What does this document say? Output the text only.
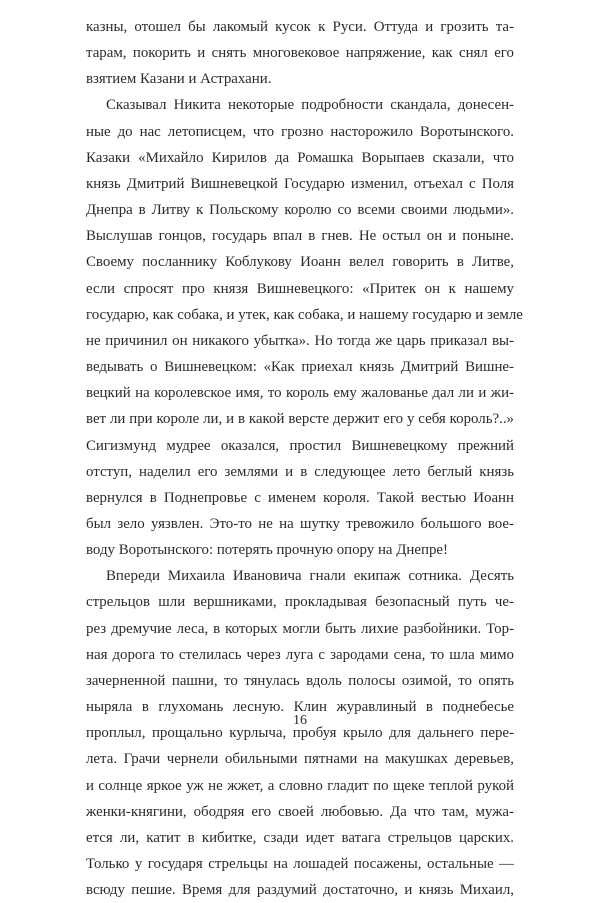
казны, отошел бы лакомый кусок к Руси. Оттуда и грозить та-
тарам, покорить и снять многовековое напряжение, как снял его
взятием Казани и Астрахани.
Сказывал Никита некоторые подробности скандала, донесен-
ные до нас летописцем, что грозно насторожило Воротынского.
Казаки «Михайло Кирилов да Ромашка Ворыпаев сказали, что
князь Дмитрий Вишневецкой Государю изменил, отъехал с Поля
Днепра в Литву к Польскому королю со всеми своими людьми».
Выслушав гонцов, государь впал в гнев. Не остыл он и поныне.
Своему посланнику Коблукову Иоанн велел говорить в Литве,
если спросят про князя Вишневецкого: «Притек он к нашему
государю, как собака, и утек, как собака, и нашему государю и земле
не причинил он никакого убытка». Но тогда же царь приказал вы-
ведывать о Вишневецком: «Как приехал князь Дмитрий Вишне-
вецкий на королевское имя, то король ему жалованье дал ли и жи-
вет ли при короле ли, и в какой версте держит его у себя король?..»
Сигизмунд мудрее оказался, простил Вишневецкому прежний
отступ, наделил его землями и в следующее лето беглый князь
вернулся в Поднепровье с именем короля. Такой вестью Иоанн
был зело уязвлен. Это-то не на шутку тревожило большого вое-
воду Воротынского: потерять прочную опору на Днепре!
Впереди Михаила Ивановича гнали екипаж сотника. Десять
стрельцов шли вершниками, прокладывая безопасный путь че-
рез дремучие леса, в которых могли быть лихие разбойники. Тор-
ная дорога то стелилась через луга с зародами сена, то шла мимо
зачерненной пашни, то тянулась вдоль полосы озимой, то опять
ныряла в глухомань лесную. Клин журавлиный в поднебесье
проплыл, прощально курлыча, пробуя крыло для дальнего пере-
лета. Грачи чернели обильными пятнами на макушках деревьев,
и солнце яркое уж не жжет, а словно гладит по щеке теплой рукой
женки-княгини, ободряя его своей любовью. Да что там, мужа-
ется ли, катит в кибитке, сзади идет ватага стрельцов царских.
Только у государя стрельцы на лошадей посажены, остальные —
всюду пешие. Время для раздумий достаточно, и князь Михаил,
16
